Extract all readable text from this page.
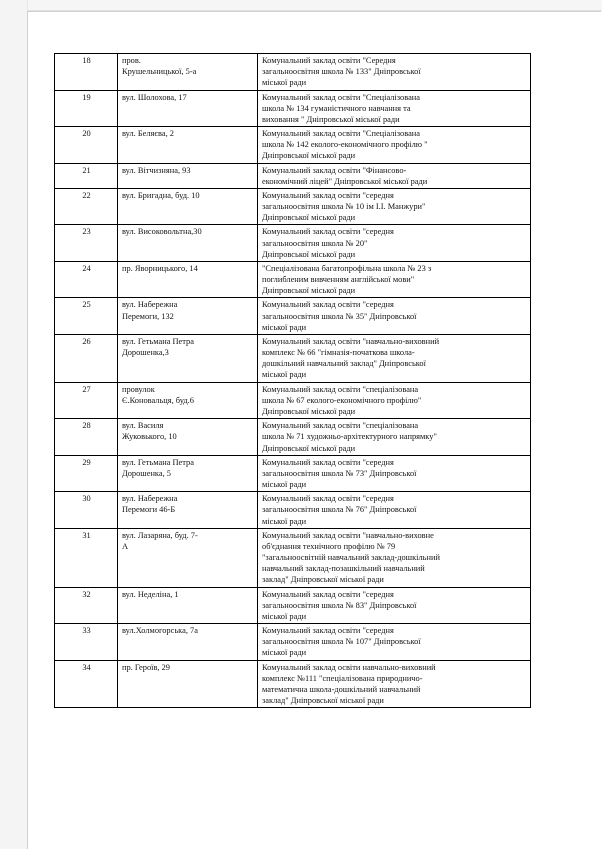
18	пров.
Крушельницької, 5-а	Комунальний заклад освіти "Середня
загальноосвітня школа № 133" Дніпровської
міської ради

19	вул. Шолохова, 17	Комунальний заклад освіти "Спеціалізована
школа № 134 гуманістичного навчання та
виховання " Дніпровської міської ради

20	вул. Беляєва, 2	Комунальний заклад освіти "Спеціалізована
школа № 142 еколого-економічного профілю "
Дніпровської міської ради

21	вул. Вітчизняна, 93	Комунальний заклад освіти "Фінансово-
економічний ліцей" Дніпровської міської ради

22	вул. Бригадна, буд. 10	Комунальний заклад освіти "середня
загальноосвітня школа № 10 ім І.І. Манжури"
Дніпровської міської ради

23	вул. Високовольтна,30	Комунальний заклад освіти "середня
загальноосвітня школа № 20"
Дніпровської міської ради

24	пр. Яворницького, 14	"Спеціалізована багатопрофільна школа № 23 з
поглибленим вивченням англійської мови"
Дніпровської міської ради

25	вул. Набережна
Перемоги, 132	Комунальний заклад освіти "середня
загальноосвітня школа № 35" Дніпровської
міської ради

26	вул. Гетьмана Петра
Дорошенка,3	Комунальний заклад освіти "навчально-виховний
комплекс № 66 "гімназія-початкова школа-
дошкільний навчальний заклад" Дніпровської
міської ради

27	провулок
Є.Коновальця, буд.6	Комунальний заклад освіти "спеціалізована
школа № 67 еколого-економічного профілю"
Дніпровської міської ради

28	вул. Василя
Жуковького, 10	Комунальний заклад освіти "спеціалізована
школа № 71 художньо-архітектурного напрямку"
Дніпровської міської ради

29	вул. Гетьмана Петра
Дорошенка, 5	Комунальний заклад освіти "середня
загальноосвітня школа № 73" Дніпровської
міської ради

30	вул. Набережна
Перемоги 46-Б	Комунальний заклад освіти "середня
загальноосвітня школа № 76" Дніпровської
міської ради

31	вул. Лазаряна, буд. 7-
А	Комунальний заклад освіти "навчально-виховне
об'єднання технічного профілю № 79
"загальноосвітній навчальний заклад-дошкільний
навчальний заклад-позашкільний навчальний
заклад" Дніпровської міської ради

32	вул. Неделіна, 1	Комунальний заклад освіти "середня
загальноосвітня школа № 83" Дніпровської
міської ради

33	вул.Холмогорська, 7а	Комунальний заклад освіти "середня
загальноосвітня школа № 107" Дніпровської
міської ради

34	пр. Героїв, 29	Комунальний заклад освіти навчально-виховний
комплекс №111 "спеціалізована природничо-
математична школа-дошкільний навчальний
заклад" Дніпровської міської ради
